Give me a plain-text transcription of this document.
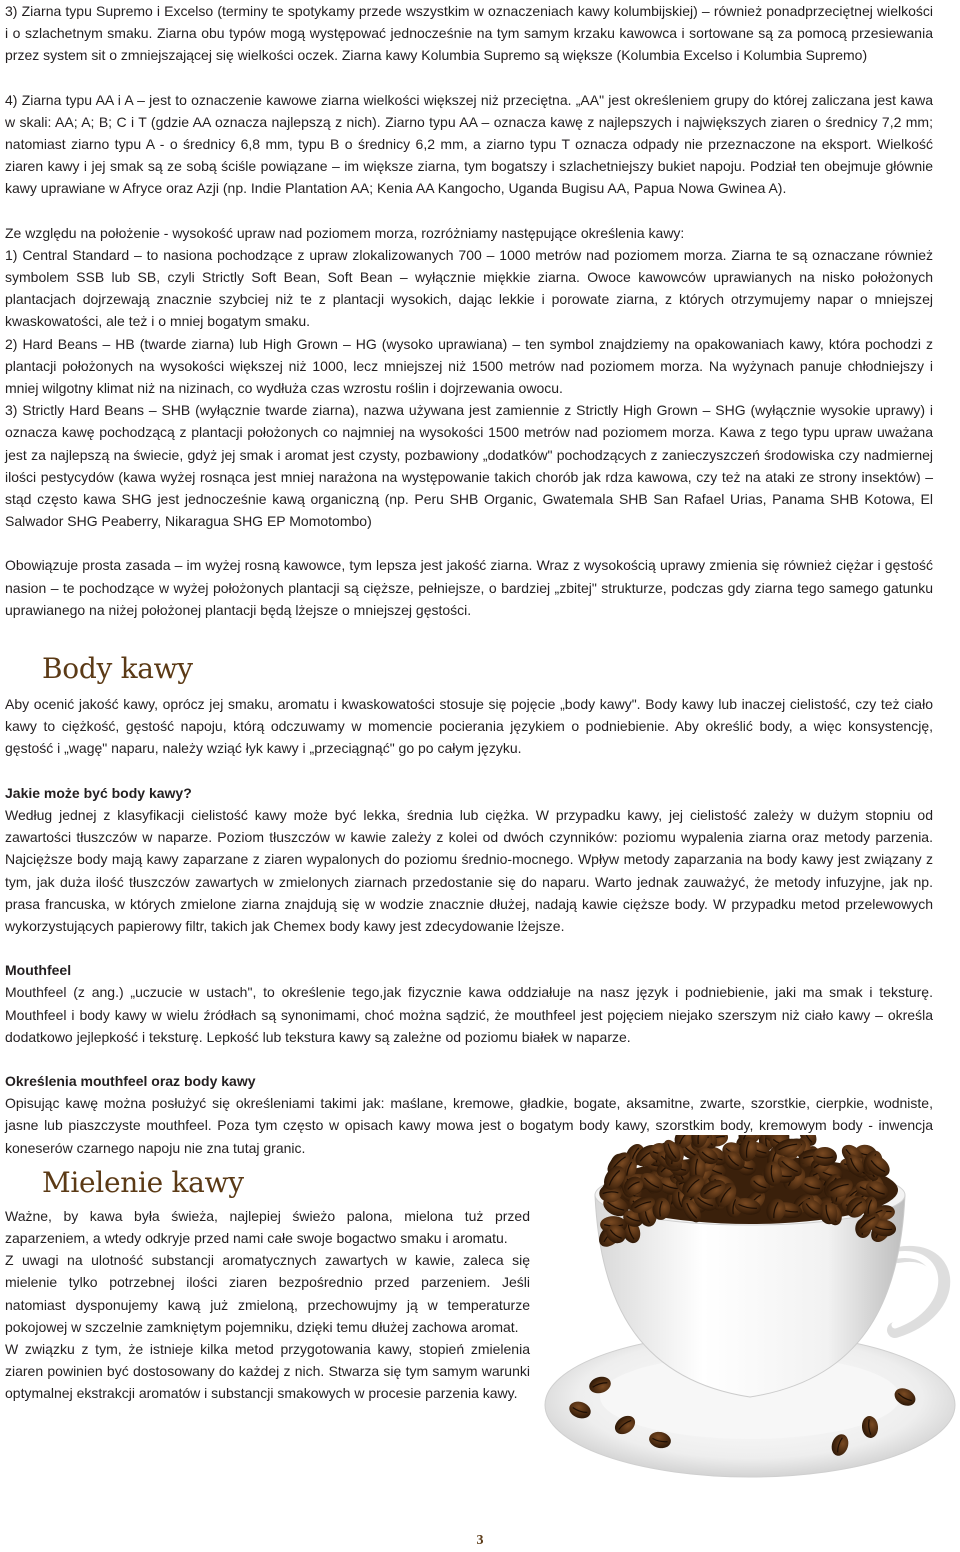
3) Ziarna typu Supremo i Excelso (terminy te spotykamy przede wszystkim w oznaczeniach kawy kolumbijskiej) – również ponadprzeciętnej wielkości i o szlachetnym smaku. Ziarna obu typów mogą występować jednocześnie na tym samym krzaku kawowca i sortowane są za pomocą przesiewania przez system sit o zmniejszającej się wielkości oczek. Ziarna kawy Kolumbia Supremo są większe (Kolumbia Excelso i Kolumbia Supremo)

4) Ziarna typu AA i A – jest to oznaczenie kawowe ziarna wielkości większej niż przeciętna. „AA" jest określeniem grupy do której zaliczana jest kawa w skali: AA; A; B; C i T (gdzie AA oznacza najlepszą z nich). Ziarno typu AA – oznacza kawę z najlepszych i największych ziaren o średnicy 7,2 mm; natomiast ziarno typu A - o średnicy 6,8 mm, typu B o średnicy 6,2 mm, a ziarno typu T oznacza odpady nie przeznaczone na eksport. Wielkość ziaren kawy i jej smak są ze sobą ściśle powiązane – im większe ziarna, tym bogatszy i szlachetniejszy bukiet napoju. Podział ten obejmuje głównie kawy uprawiane w Afryce oraz Azji (np. Indie Plantation AA; Kenia AA Kangocho, Uganda Bugisu AA, Papua Nowa Gwinea A).

Ze względu na położenie - wysokość upraw nad poziomem morza, rozróżniamy następujące określenia kawy:

1) Central Standard – to nasiona pochodzące z upraw zlokalizowanych 700 – 1000 metrów nad poziomem morza. Ziarna te są oznaczane również symbolem SSB lub SB, czyli Strictly Soft Bean, Soft Bean – wyłącznie miękkie ziarna. Owoce kawowców uprawianych na nisko położonych plantacjach dojrzewają znacznie szybciej niż te z plantacji wysokich, dając lekkie i porowate ziarna, z których otrzymujemy napar o mniejszej kwaskowatości, ale też i o mniej bogatym smaku.

2) Hard Beans – HB (twarde ziarna) lub High Grown – HG (wysoko uprawiana) – ten symbol znajdziemy na opakowaniach kawy, która pochodzi z plantacji położonych na wysokości większej niż 1000, lecz mniejszej niż 1500 metrów nad poziomem morza. Na wyżynach panuje chłodniejszy i mniej wilgotny klimat niż na nizinach, co wydłuża czas wzrostu roślin i dojrzewania owocu.

3) Strictly Hard Beans – SHB (wyłącznie twarde ziarna), nazwa używana jest zamiennie z Strictly High Grown – SHG (wyłącznie wysokie uprawy) i oznacza kawę pochodzącą z plantacji położonych co najmniej na wysokości 1500 metrów nad poziomem morza. Kawa z tego typu upraw uważana jest za najlepszą na świecie, gdyż jej smak i aromat jest czysty, pozbawiony „dodatków" pochodzących z zanieczyszczeń środowiska czy nadmiernej ilości pestycydów (kawa wyżej rosnąca jest mniej narażona na występowanie takich chorób jak rdza kawowa, czy też na ataki ze strony insektów) – stąd często kawa SHG jest jednocześnie kawą organiczną (np. Peru SHB Organic, Gwatemala SHB San Rafael Urias, Panama SHB Kotowa, El Salwador SHG Peaberry, Nikaragua SHG EP Momotombo)

Obowiązuje prosta zasada – im wyżej rosną kawowce, tym lepsza jest jakość ziarna. Wraz z wysokością uprawy zmienia się również ciężar i gęstość nasion – te pochodzące w wyżej położonych plantacji są cięższe, pełniejsze, o bardziej „zbitej" strukturze, podczas gdy ziarna tego samego gatunku uprawianego na niżej położonej plantacji będą lżejsze o mniejszej gęstości.

Body kawy

Aby ocenić jakość kawy, oprócz jej smaku, aromatu i kwaskowatości stosuje się pojęcie „body kawy". Body kawy lub inaczej cielistość, czy też ciało kawy to ciężkość, gęstość napoju, którą odczuwamy w momencie pocierania językiem o podniebienie. Aby określić body, a więc konsystencję, gęstość i „wagę" naparu, należy wziąć łyk kawy i „przeciągnąć" go po całym języku.

Jakie może być body kawy?

Według jednej z klasyfikacji cielistość kawy może być lekka, średnia lub ciężka. W przypadku kawy, jej cielistość zależy w dużym stopniu od zawartości tłuszczów w naparze. Poziom tłuszczów w kawie zależy z kolei od dwóch czynników: poziomu wypalenia ziarna oraz metody parzenia. Najcięższe body mają kawy zaparzane z ziaren wypalonych do poziomu średnio-mocnego. Wpływ metody zaparzania na body kawy jest związany z tym, jak duża ilość tłuszczów zawartych w zmielonych ziarnach przedostanie się do naparu. Warto jednak zauważyć, że metody infuzyjne, jak np. prasa francuska, w których zmielone ziarna znajdują się w wodzie znacznie dłużej, nadają kawie cięższe body. W przypadku metod przelewowych wykorzystujących papierowy filtr, takich jak Chemex body kawy jest zdecydowanie lżejsze.

Mouthfeel

Mouthfeel (z ang.) „uczucie w ustach", to określenie tego,jak fizycznie kawa oddziałuje na nasz język i podniebienie, jaki ma smak i teksturę. Mouthfeel i body kawy w wielu źródłach są synonimami, choć można sądzić, że mouthfeel jest pojęciem niejako szerszym niż ciało kawy – określa dodatkowo jejlepkość i teksturę. Lepkość lub tekstura kawy są zależne od poziomu białek w naparze.

Określenia mouthfeel oraz body kawy

Opisując kawę można posłużyć się określeniami takimi jak: maślane, kremowe, gładkie, bogate, aksamitne, zwarte, szorstkie, cierpkie, wodniste, jasne lub piaszczyste mouthfeel. Poza tym często w opisach kawy mowa jest o bogatym body kawy, szorstkim body, kremowym body - inwencja koneserów czarnego napoju nie zna tutaj granic.

Mielenie kawy

Ważne, by kawa była świeża, najlepiej świeżo palona, mielona tuż przed zaparzeniem, a wtedy odkryje przed nami całe swoje bogactwo smaku i aromatu.

Z uwagi na ulotność substancji aromatycznych zawartych w kawie, zaleca się mielenie tylko potrzebnej ilości ziaren bezpośrednio przed parzeniem. Jeśli natomiast dysponujemy kawą już zmieloną, przechowujmy ją w temperaturze pokojowej w szczelnie zamkniętym pojemniku, dzięki temu dłużej zachowa aromat.

W związku z tym, że istnieje kilka metod przygotowania kawy, stopień zmielenia ziaren powinien być dostosowany do każdej z nich. Stwarza się tym samym warunki optymalnej ekstrakcji aromatów i substancji smakowych w procesie parzenia kawy.

3
